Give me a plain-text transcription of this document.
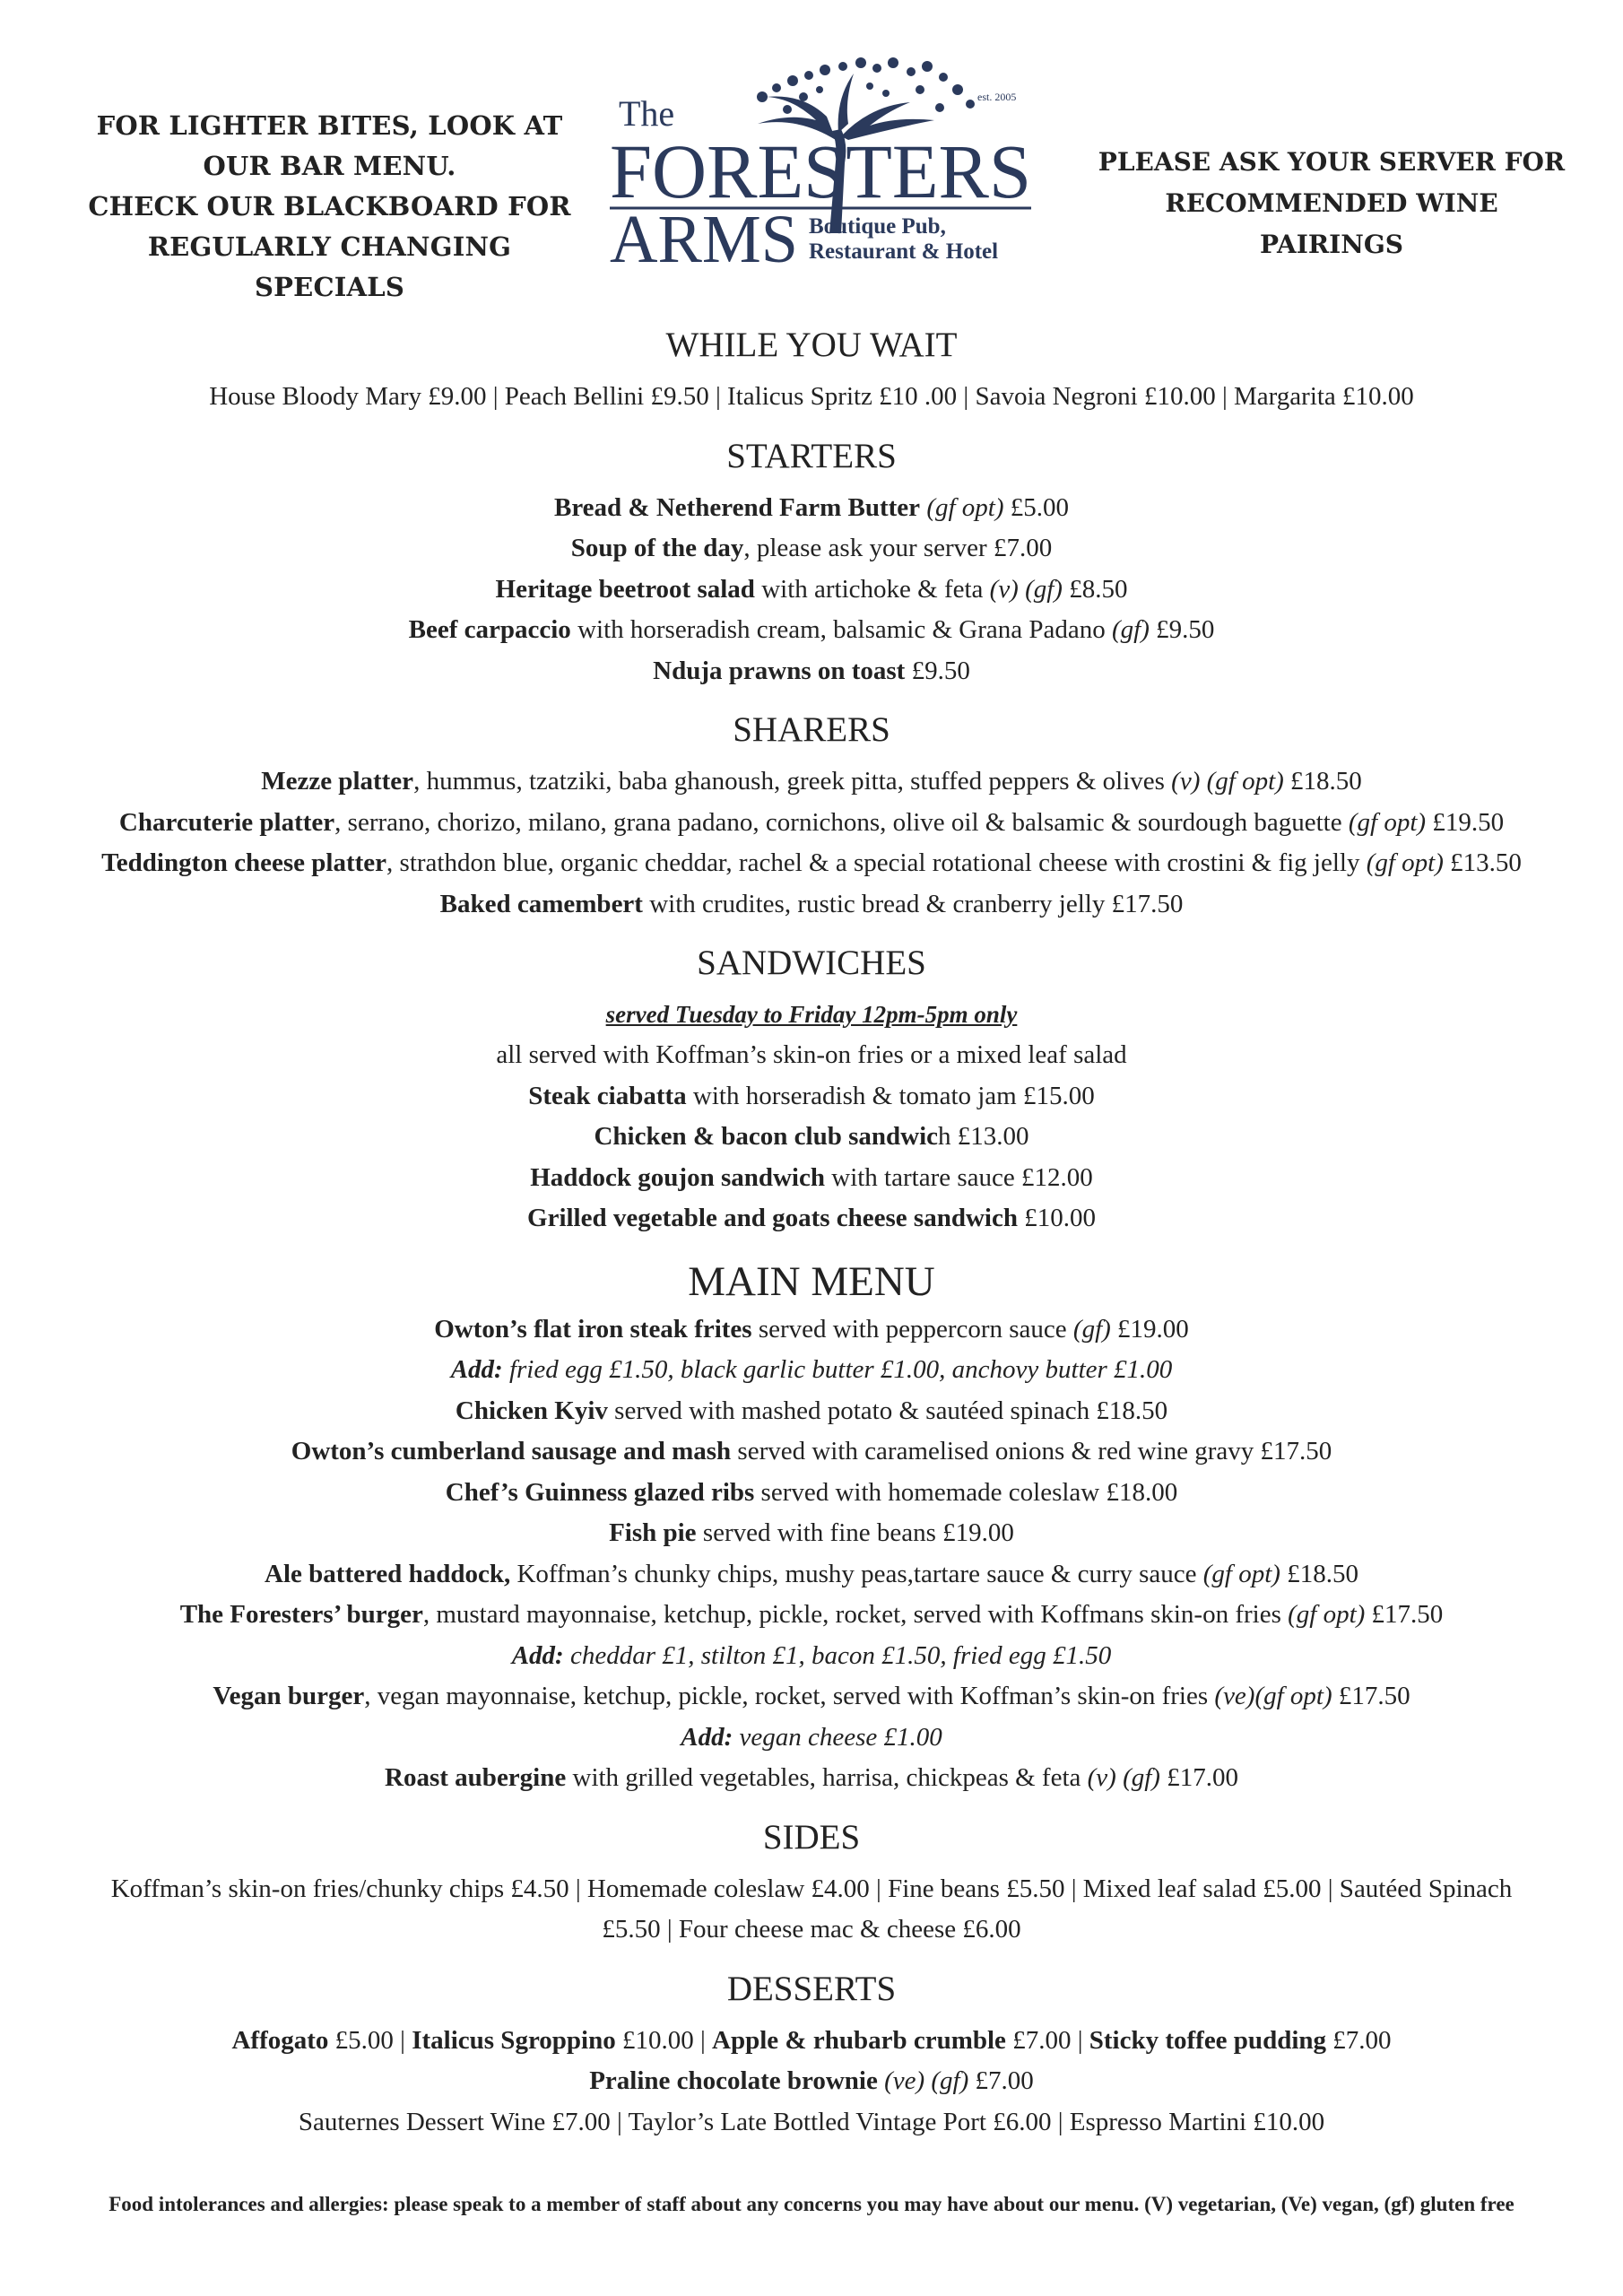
FOR LIGHTER BITES, LOOK AT
OUR BAR MENU.
CHECK OUR BLACKBOARD FOR
REGULARLY CHANGING
SPECIALS
The	est. 2005
FORESTERS
ARMS Boutique Pub,
Restaurant & Hotel
PLEASE ASK YOUR SERVER FOR
RECOMMENDED WINE PAIRINGS
WHILE YOU WAIT
House Bloody Mary £9.00 | Peach Bellini £9.50 | Italicus Spritz £10 .00 | Savoia Negroni £10.00 | Margarita £10.00
STARTERS
Bread & Netherend Farm Butter (gf opt) £5.00
Soup of the day, please ask your server £7.00
Heritage beetroot salad with artichoke & feta (v) (gf) £8.50
Beef carpaccio with horseradish cream, balsamic & Grana Padano (gf) £9.50
Nduja prawns on toast £9.50
SHARERS
Mezze platter, hummus, tzatziki, baba ghanoush, greek pitta, stuffed peppers & olives (v) (gf opt) £18.50
Charcuterie platter, serrano, chorizo, milano, grana padano, cornichons, olive oil & balsamic & sourdough baguette (gf opt) £19.50
Teddington cheese platter, strathdon blue, organic cheddar, rachel & a special rotational cheese with crostini & fig jelly (gf opt) £13.50
Baked camembert with crudites, rustic bread & cranberry jelly £17.50
SANDWICHES
served Tuesday to Friday 12pm-5pm only
all served with Koffman’s skin-on fries or a mixed leaf salad
Steak ciabatta with horseradish & tomato jam £15.00
Chicken & bacon club sandwich £13.00
Haddock goujon sandwich with tartare sauce £12.00
Grilled vegetable and goats cheese sandwich £10.00
MAIN MENU
Owton’s flat iron steak frites served with peppercorn sauce (gf) £19.00
Add: fried egg £1.50, black garlic butter £1.00, anchovy butter £1.00
Chicken Kyiv served with mashed potato & sautéed spinach £18.50
Owton’s cumberland sausage and mash served with caramelised onions & red wine gravy £17.50
Chef’s Guinness glazed ribs served with homemade coleslaw £18.00
Fish pie served with fine beans £19.00
Ale battered haddock, Koffman’s chunky chips, mushy peas,tartare sauce & curry sauce (gf opt) £18.50
The Foresters’ burger, mustard mayonnaise, ketchup, pickle, rocket, served with Koffmans skin-on fries (gf opt) £17.50
Add: cheddar £1, stilton £1, bacon £1.50, fried egg £1.50
Vegan burger, vegan mayonnaise, ketchup, pickle, rocket, served with Koffman’s skin-on fries (ve)(gf opt) £17.50
Add: vegan cheese £1.00
Roast aubergine with grilled vegetables, harrisa, chickpeas & feta (v) (gf) £17.00
SIDES
Koffman’s skin-on fries/chunky chips £4.50 | Homemade coleslaw £4.00 | Fine beans £5.50 | Mixed leaf salad £5.00 | Sautéed Spinach £5.50 | Four cheese mac & cheese £6.00
DESSERTS
Affogato £5.00 | Italicus Sgroppino £10.00 | Apple & rhubarb crumble £7.00 | Sticky toffee pudding £7.00
Praline chocolate brownie (ve) (gf) £7.00
Sauternes Dessert Wine £7.00 | Taylor’s Late Bottled Vintage Port £6.00 | Espresso Martini £10.00
Food intolerances and allergies: please speak to a member of staff about any concerns you may have about our menu. (V) vegetarian, (Ve) vegan, (gf) gluten free
